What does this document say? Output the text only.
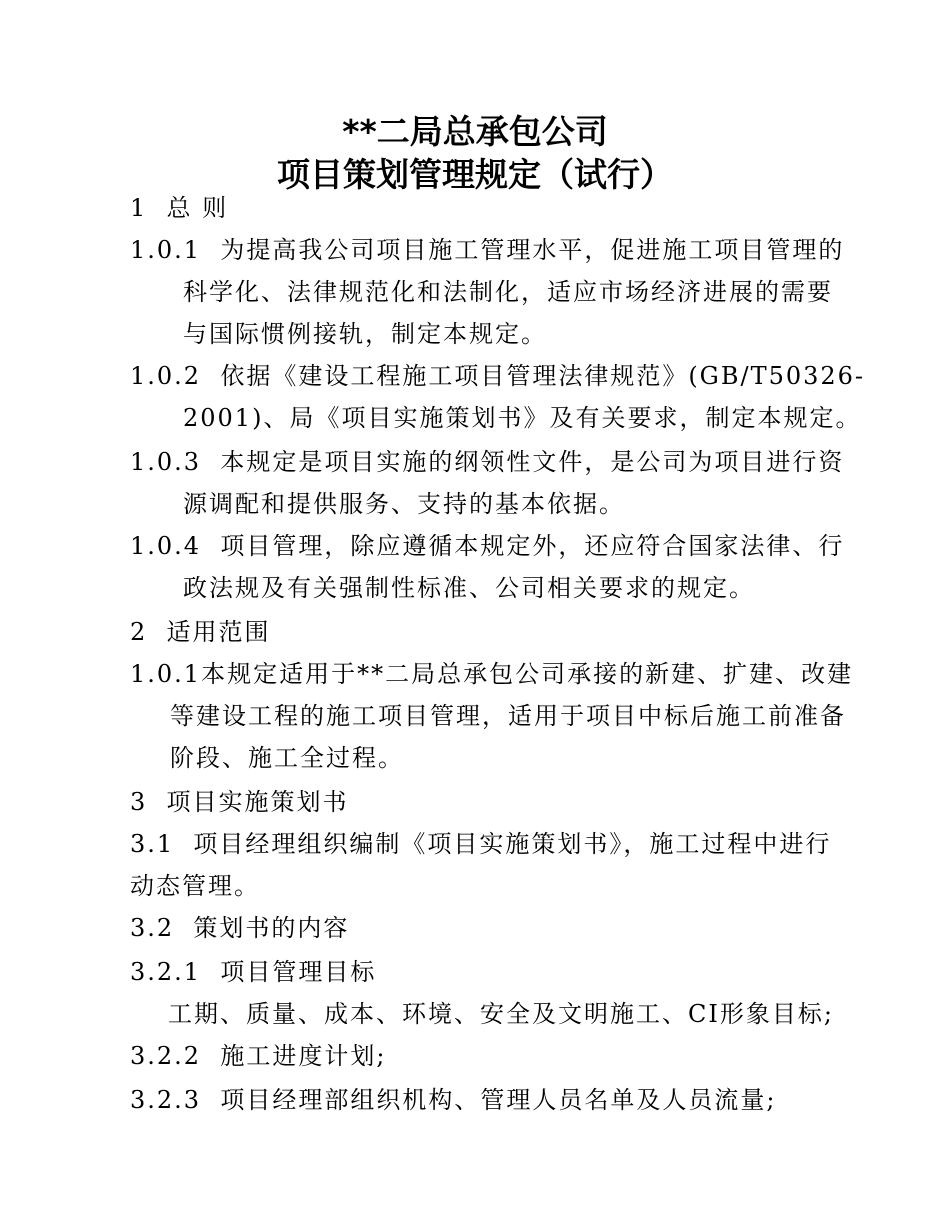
**二局总承包公司
项目策划管理规定（试行）
1  总 则
1.0.1  为提高我公司项目施工管理水平，促进施工项目管理的
科学化、法律规范化和法制化，适应市场经济进展的需要
与国际惯例接轨，制定本规定。
1.0.2  依据《建设工程施工项目管理法律规范》(GB/T50326-
2001)、局《项目实施策划书》及有关要求，制定本规定。
1.0.3  本规定是项目实施的纲领性文件，是公司为项目进行资
源调配和提供服务、支持的基本依据。
1.0.4  项目管理，除应遵循本规定外，还应符合国家法律、行
政法规及有关强制性标准、公司相关要求的规定。
2  适用范围
1.0.1本规定适用于**二局总承包公司承接的新建、扩建、改建
等建设工程的施工项目管理，适用于项目中标后施工前准备
阶段、施工全过程。
3  项目实施策划书
3.1  项目经理组织编制《项目实施策划书》，施工过程中进行
动态管理。
3.2  策划书的内容
3.2.1  项目管理目标
工期、质量、成本、环境、安全及文明施工、CI形象目标;
3.2.2  施工进度计划;
3.2.3  项目经理部组织机构、管理人员名单及人员流量;
